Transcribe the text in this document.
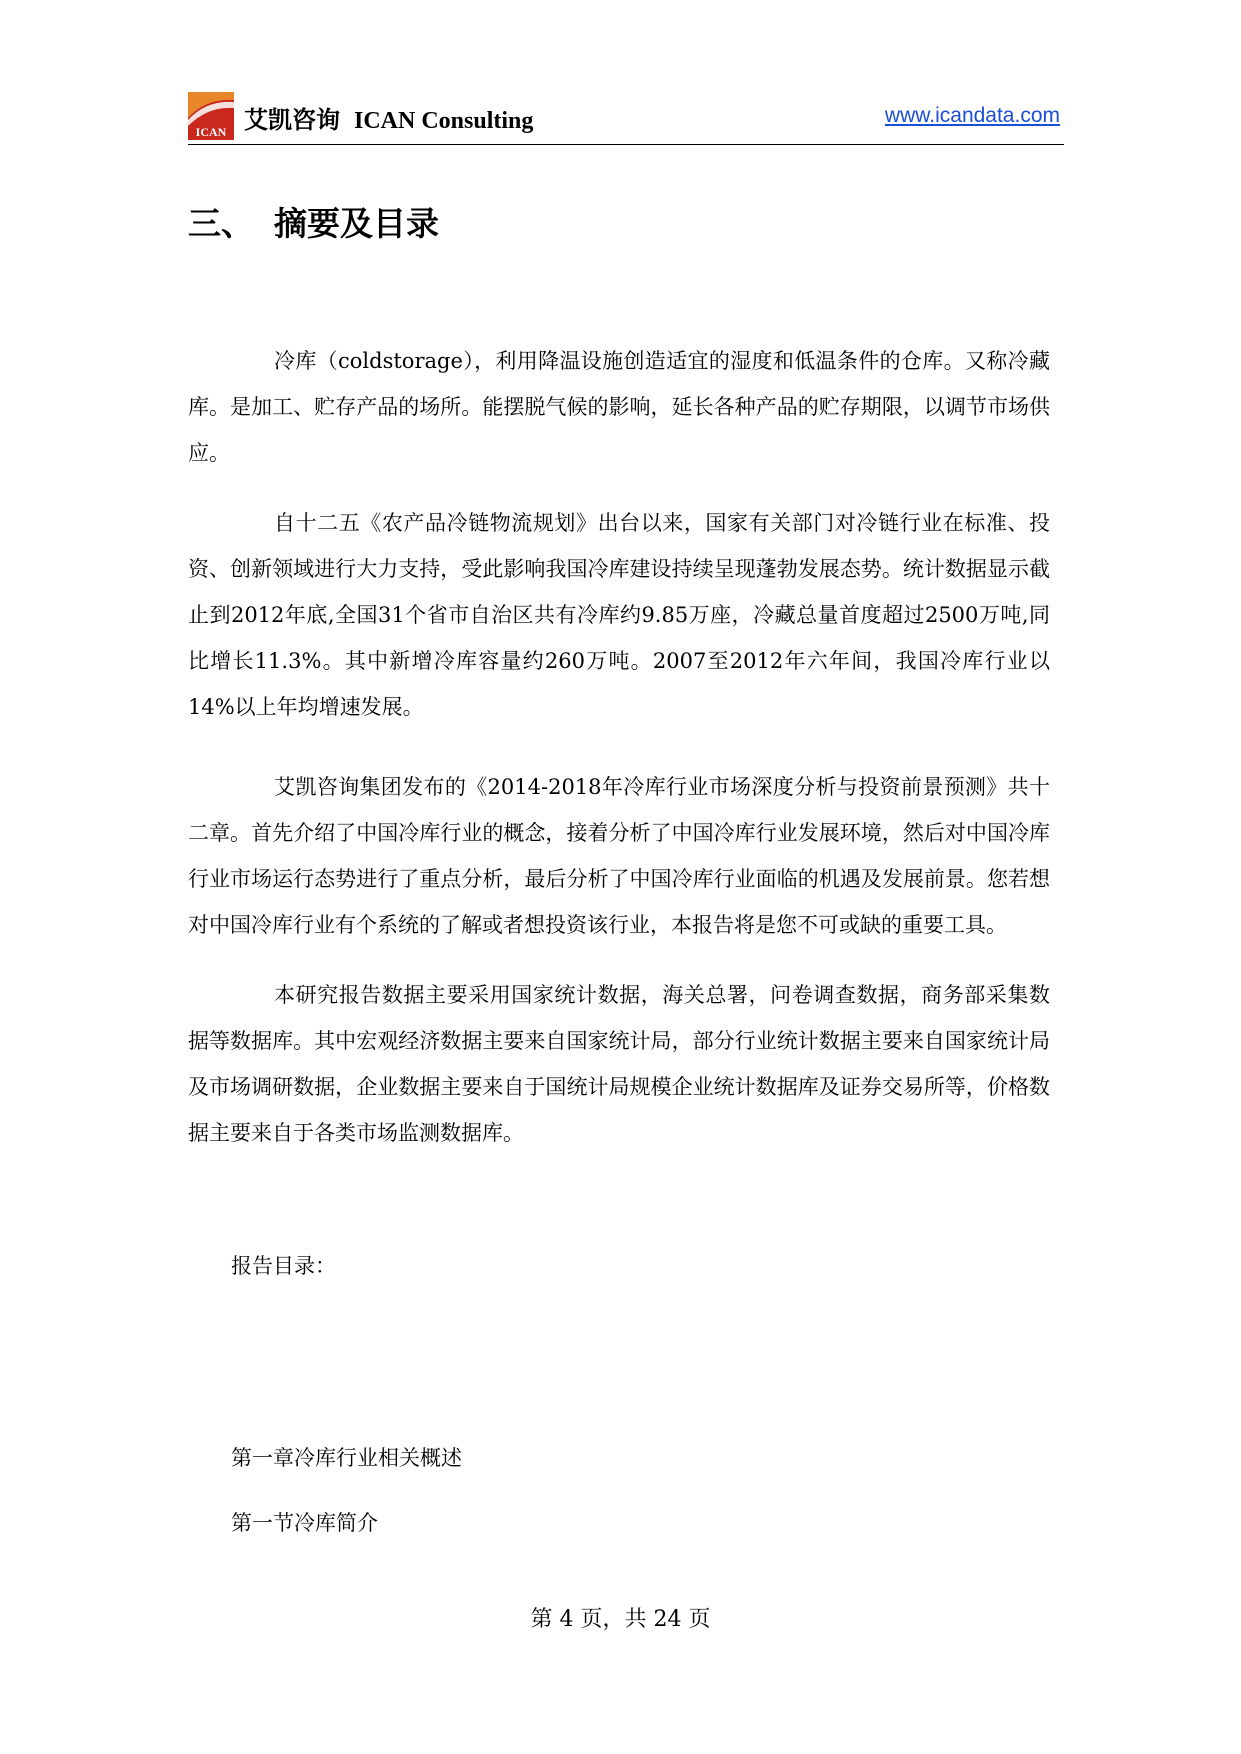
ICAN 艾凯咨询 ICAN Consulting	www.icandata.com
三、 摘要及目录

冷库（coldstorage），利用降温设施创造适宜的湿度和低温条件的仓库。又称冷藏库。是加工、贮存产品的场所。能摆脱气候的影响，延长各种产品的贮存期限，以调节市场供应。

自十二五《农产品冷链物流规划》出台以来，国家有关部门对冷链行业在标准、投资、创新领域进行大力支持，受此影响我国冷库建设持续呈现蓬勃发展态势。统计数据显示截止到2012年底,全国31个省市自治区共有冷库约9.85万座，冷藏总量首度超过2500万吨,同比增长11.3%。其中新增冷库容量约260万吨。2007至2012年六年间，我国冷库行业以14%以上年均增速发展。

艾凯咨询集团发布的《2014-2018年冷库行业市场深度分析与投资前景预测》共十二章。首先介绍了中国冷库行业的概念，接着分析了中国冷库行业发展环境，然后对中国冷库行业市场运行态势进行了重点分析，最后分析了中国冷库行业面临的机遇及发展前景。您若想对中国冷库行业有个系统的了解或者想投资该行业，本报告将是您不可或缺的重要工具。

本研究报告数据主要采用国家统计数据，海关总署，问卷调查数据，商务部采集数据等数据库。其中宏观经济数据主要来自国家统计局，部分行业统计数据主要来自国家统计局及市场调研数据，企业数据主要来自于国统计局规模企业统计数据库及证券交易所等，价格数据主要来自于各类市场监测数据库。

报告目录：
第一章冷库行业相关概述
第一节冷库简介
第 4 页，共 24 页
